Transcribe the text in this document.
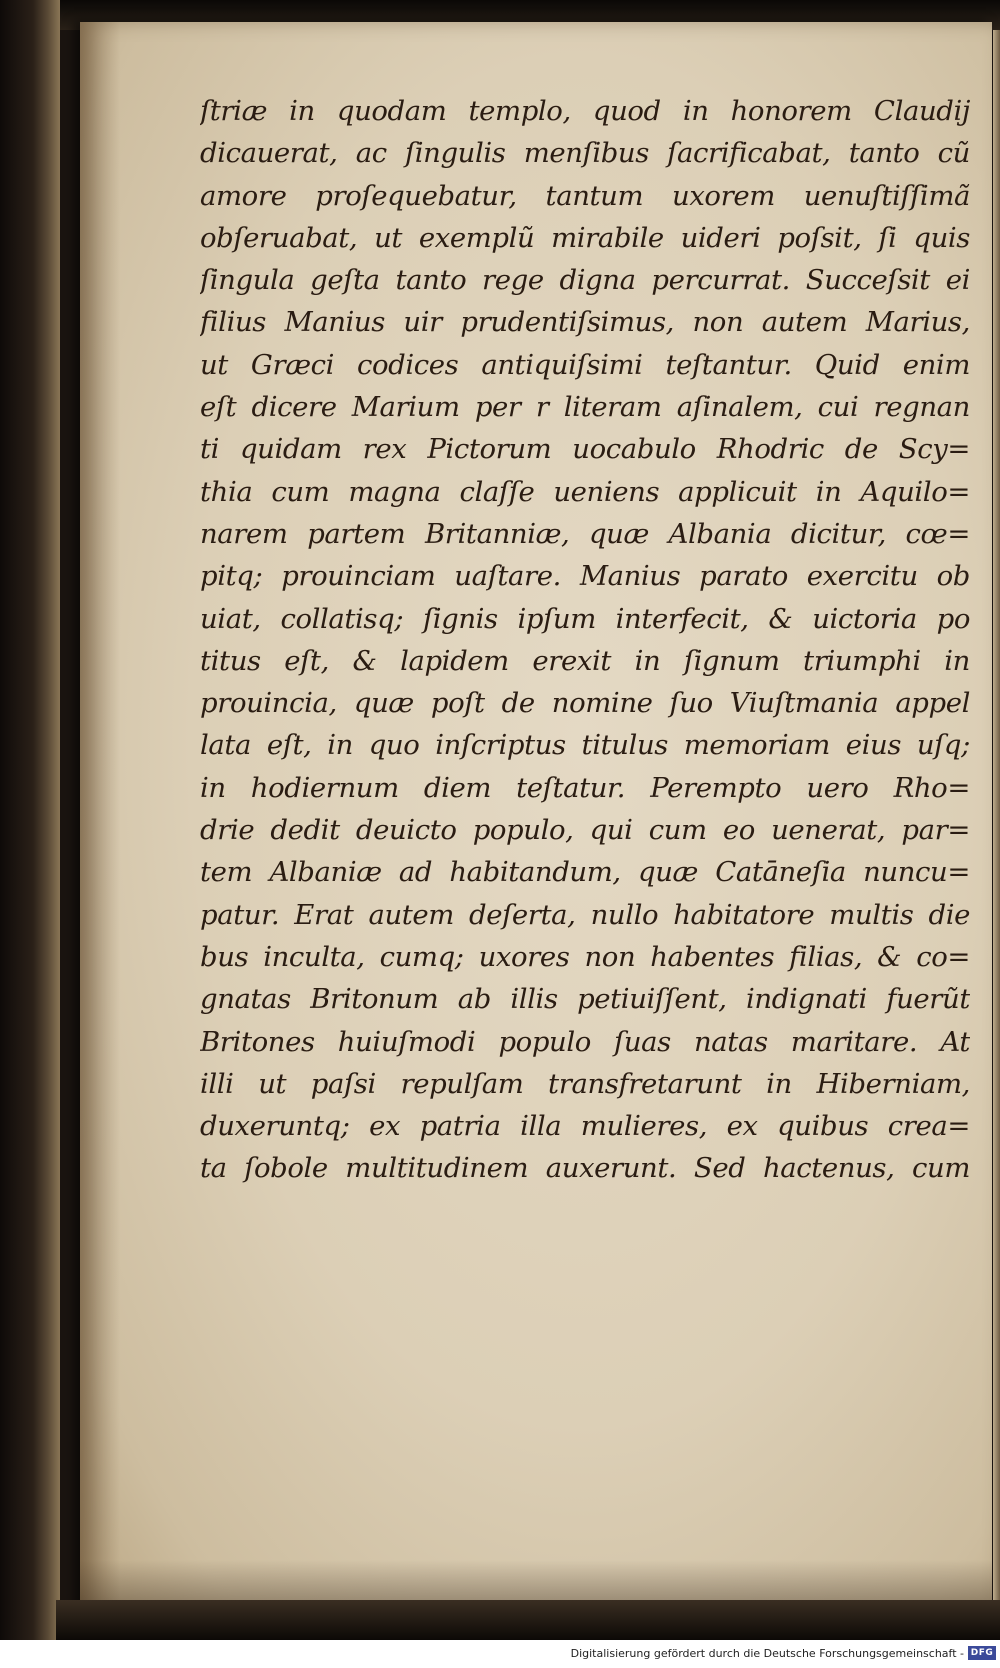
ſtriæ in quodam templo, quod in honorem Claudij
dicauerat, ac ſingulis menſibus ſacrificabat, tanto cũ
amore proſequebatur, tantum uxorem uenuſtiſſimã
obſeruabat, ut exemplũ mirabile uideri poſsit, ſi quis
ſingula geſta tanto rege digna percurrat. Succeſsit ei
filius Manius uir prudentiſsimus, non autem Marius,
ut Græci codices antiquiſsimi teſtantur. Quid enim
eſt dicere Marium per r literam aſinalem, cui regnan
ti quidam rex Pictorum uocabulo Rhodric de Scy=
thia cum magna claſſe ueniens applicuit in Aquilo=
narem partem Britanniæ, quæ Albania dicitur, cœ=
pitq; prouinciam uaſtare. Manius parato exercitu ob
uiat, collatisq; ſignis ipſum interfecit, & uictoria po
titus eſt, & lapidem erexit in ſignum triumphi in
prouincia, quæ poſt de nomine ſuo Viuſtmania appel
lata eſt, in quo inſcriptus titulus memoriam eius uſq;
in hodiernum diem teſtatur. Perempto uero Rho=
drie dedit deuicto populo, qui cum eo uenerat, par=
tem Albaniæ ad habitandum, quæ Catāneſia nuncu=
patur. Erat autem deſerta, nullo habitatore multis die
bus inculta, cumq; uxores non habentes filias, & co=
gnatas Britonum ab illis petiuiſſent, indignati fuerũt
Britones huiuſmodi populo ſuas natas maritare. At
illi ut paſsi repulſam transfretarunt in Hiberniam,
duxeruntq; ex patria illa mulieres, ex quibus crea=
ta ſobole multitudinem auxerunt. Sed hactenus, cum
Digitalisierung gefördert durch die Deutsche Forschungsgemeinschaft - DFG
